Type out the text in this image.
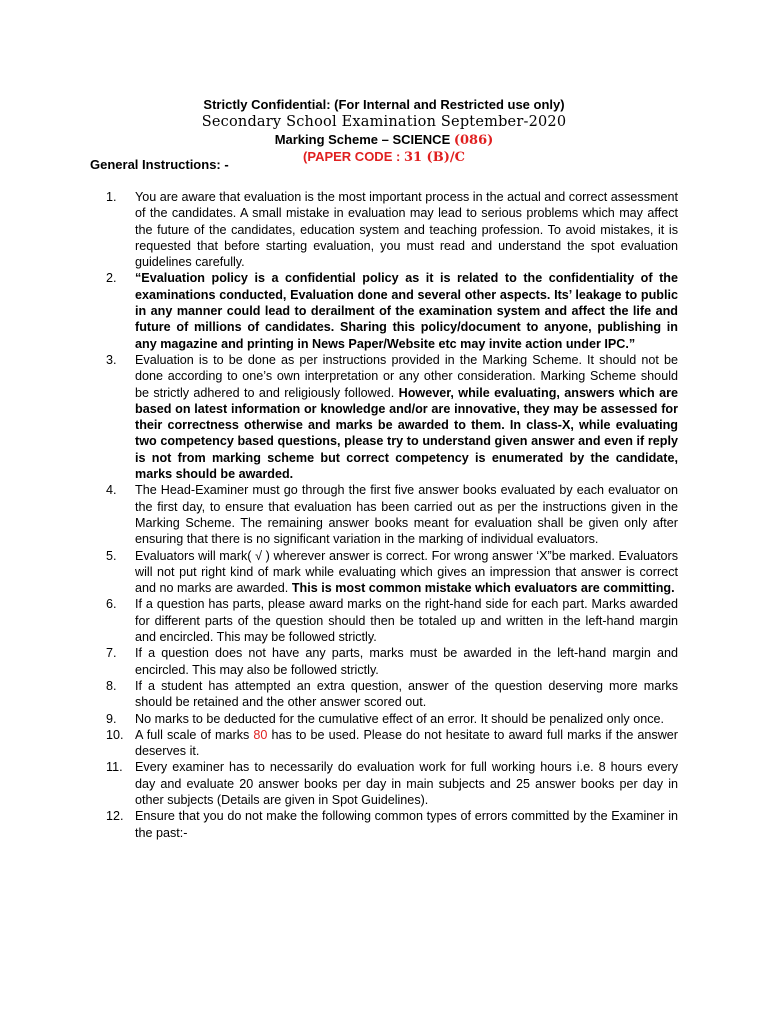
Strictly Confidential: (For Internal and Restricted use only)
Secondary School Examination September-2020
Marking Scheme – SCIENCE (086)
(PAPER CODE : 31 (B)/C
General Instructions: -
1.	You are aware that evaluation is the most important process in the actual and correct assessment of the candidates. A small mistake in evaluation may lead to serious problems which may affect the future of the candidates, education system and teaching profession. To avoid mistakes, it is requested that before starting evaluation, you must read and understand the spot evaluation guidelines carefully.
2.	“Evaluation policy is a confidential policy as it is related to the confidentiality of the examinations conducted, Evaluation done and several other aspects. Its’ leakage to public in any manner could lead to derailment of the examination system and affect the life and future of millions of candidates. Sharing this policy/document to anyone, publishing in any magazine and printing in News Paper/Website etc may invite action under IPC.”
3.	Evaluation is to be done as per instructions provided in the Marking Scheme. It should not be done according to one’s own interpretation or any other consideration. Marking Scheme should be strictly adhered to and religiously followed. However, while evaluating, answers which are based on latest information or knowledge and/or are innovative, they may be assessed for their correctness otherwise and marks be awarded to them. In class-X, while evaluating two competency based questions, please try to understand given answer and even if reply is not from marking scheme but correct competency is enumerated by the candidate, marks should be awarded.
4.	The Head-Examiner must go through the first five answer books evaluated by each evaluator on the first day, to ensure that evaluation has been carried out as per the instructions given in the Marking Scheme. The remaining answer books meant for evaluation shall be given only after ensuring that there is no significant variation in the marking of individual evaluators.
5.	Evaluators will mark( √ ) wherever answer is correct. For wrong answer ‘X”be marked. Evaluators will not put right kind of mark while evaluating which gives an impression that answer is correct and no marks are awarded. This is most common mistake which evaluators are committing.
6.	If a question has parts, please award marks on the right-hand side for each part. Marks awarded for different parts of the question should then be totaled up and written in the left-hand margin and encircled. This may be followed strictly.
7.	If a question does not have any parts, marks must be awarded in the left-hand margin and encircled. This may also be followed strictly.
8.	If a student has attempted an extra question, answer of the question deserving more marks should be retained and the other answer scored out.
9.	No marks to be deducted for the cumulative effect of an error. It should be penalized only once.
10. A full scale of marks 80 has to be used. Please do not hesitate to award full marks if the answer deserves it.
11. Every examiner has to necessarily do evaluation work for full working hours i.e. 8 hours every day and evaluate 20 answer books per day in main subjects and 25 answer books per day in other subjects (Details are given in Spot Guidelines).
12. Ensure that you do not make the following common types of errors committed by the Examiner in the past:-
